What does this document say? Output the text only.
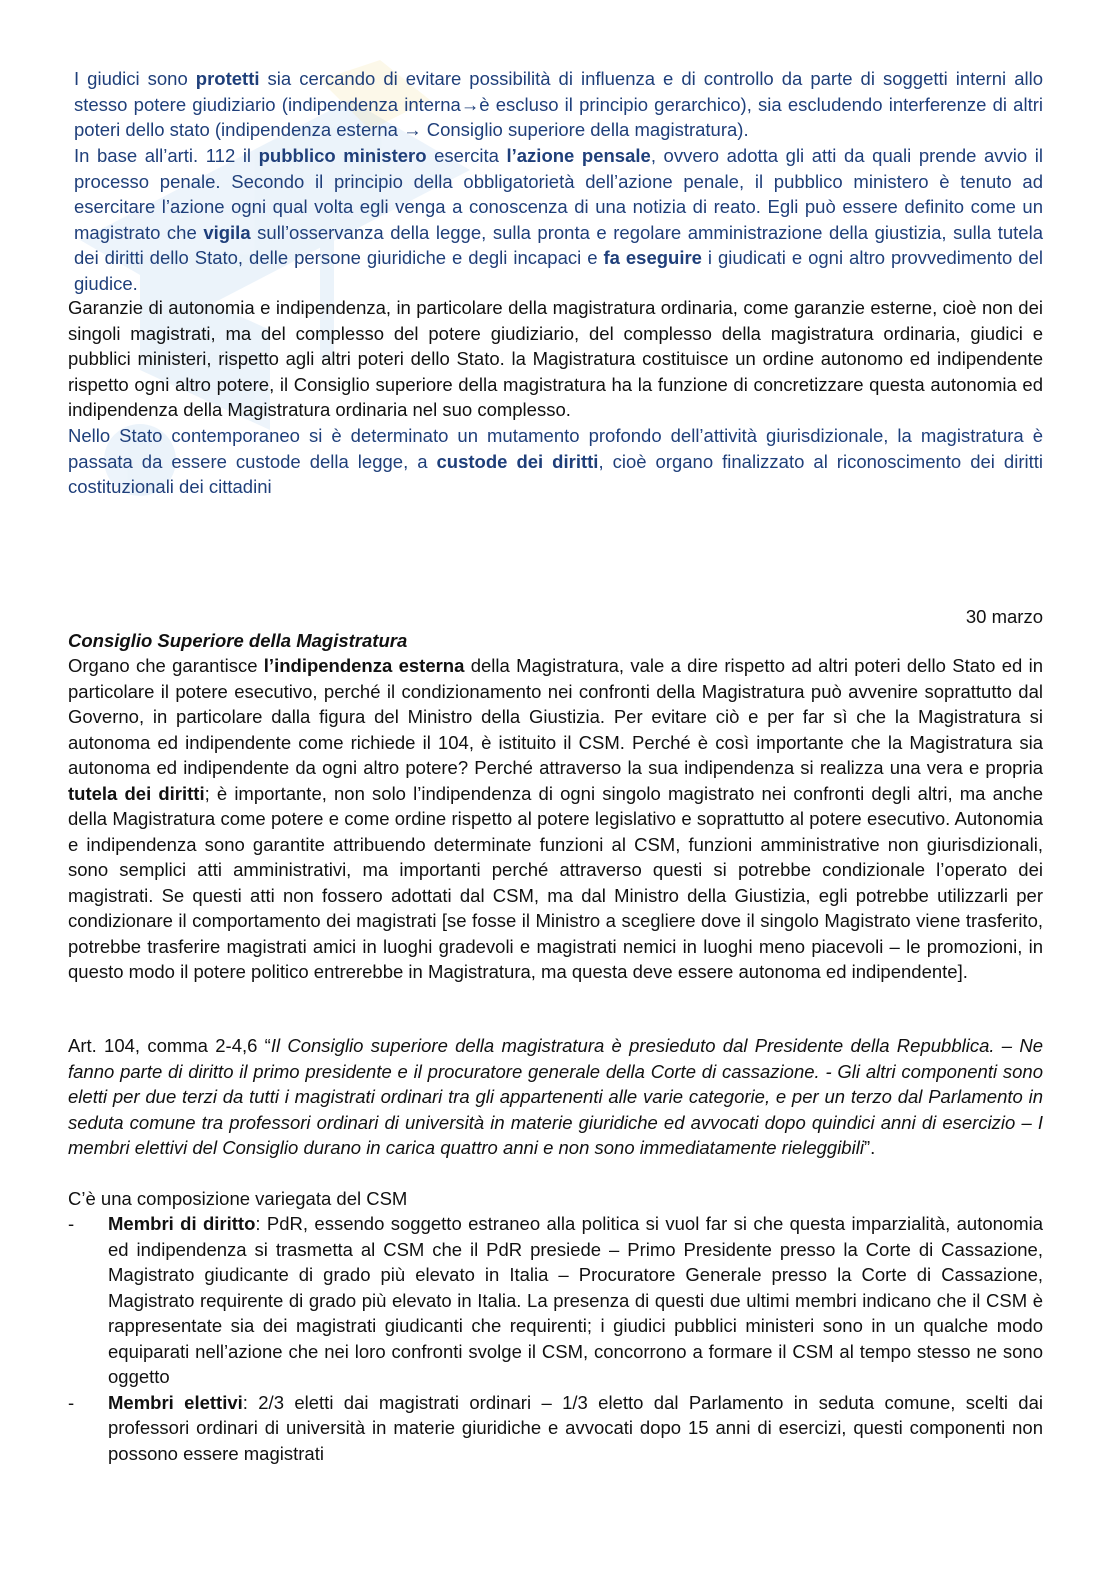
I giudici sono protetti sia cercando di evitare possibilità di influenza e di controllo da parte di soggetti interni allo stesso potere giudiziario (indipendenza interna→è escluso il principio gerarchico), sia escludendo interferenze di altri poteri dello stato (indipendenza esterna → Consiglio superiore della magistratura).

In base all’arti. 112 il pubblico ministero esercita l’azione pensale, ovvero adotta gli atti da quali prende avvio il processo penale. Secondo il principio della obbligatorietà dell’azione penale, il pubblico ministero è tenuto ad esercitare l’azione ogni qual volta egli venga a conoscenza di una notizia di reato. Egli può essere definito come un magistrato che vigila sull’osservanza della legge, sulla pronta e regolare amministrazione della giustizia, sulla tutela dei diritti dello Stato, delle persone giuridiche e degli incapaci e fa eseguire i giudicati e ogni altro provvedimento del giudice.

Garanzie di autonomia e indipendenza, in particolare della magistratura ordinaria, come garanzie esterne, cioè non dei singoli magistrati, ma del complesso del potere giudiziario, del complesso della magistratura ordinaria, giudici e pubblici ministeri, rispetto agli altri poteri dello Stato. la Magistratura costituisce un ordine autonomo ed indipendente rispetto ogni altro potere, il Consiglio superiore della magistratura ha la funzione di concretizzare questa autonomia ed indipendenza della Magistratura ordinaria nel suo complesso.

Nello Stato contemporaneo si è determinato un mutamento profondo dell’attività giurisdizionale, la magistratura è passata da essere custode della legge, a custode dei diritti, cioè organo finalizzato al riconoscimento dei diritti costituzionali dei cittadini

30 marzo

Consiglio Superiore della Magistratura

Organo che garantisce l’indipendenza esterna della Magistratura, vale a dire rispetto ad altri poteri dello Stato ed in particolare il potere esecutivo, perché il condizionamento nei confronti della Magistratura può avvenire soprattutto dal Governo, in particolare dalla figura del Ministro della Giustizia. Per evitare ciò e per far sì che la Magistratura si autonoma ed indipendente come richiede il 104, è istituito il CSM. Perché è così importante che la Magistratura sia autonoma ed indipendente da ogni altro potere? Perché attraverso la sua indipendenza si realizza una vera e propria tutela dei diritti; è importante, non solo l’indipendenza di ogni singolo magistrato nei confronti degli altri, ma anche della Magistratura come potere e come ordine rispetto al potere legislativo e soprattutto al potere esecutivo. Autonomia e indipendenza sono garantite attribuendo determinate funzioni al CSM, funzioni amministrative non giurisdizionali, sono semplici atti amministrativi, ma importanti perché attraverso questi si potrebbe condizionale l’operato dei magistrati. Se questi atti non fossero adottati dal CSM, ma dal Ministro della Giustizia, egli potrebbe utilizzarli per condizionare il comportamento dei magistrati [se fosse il Ministro a scegliere dove il singolo Magistrato viene trasferito, potrebbe trasferire magistrati amici in luoghi gradevoli e magistrati nemici in luoghi meno piacevoli – le promozioni, in questo modo il potere politico entrerebbe in Magistratura, ma questa deve essere autonoma ed indipendente].

Art. 104, comma 2-4,6 “Il Consiglio superiore della magistratura è presieduto dal Presidente della Repubblica. – Ne fanno parte di diritto il primo presidente e il procuratore generale della Corte di cassazione. - Gli altri componenti sono eletti per due terzi da tutti i magistrati ordinari tra gli appartenenti alle varie categorie, e per un terzo dal Parlamento in seduta comune tra professori ordinari di università in materie giuridiche ed avvocati dopo quindici anni di esercizio – I membri elettivi del Consiglio durano in carica quattro anni e non sono immediatamente rieleggibili”.

C’è una composizione variegata del CSM

- Membri di diritto: PdR, essendo soggetto estraneo alla politica si vuol far si che questa imparzialità, autonomia ed indipendenza si trasmetta al CSM che il PdR presiede – Primo Presidente presso la Corte di Cassazione, Magistrato giudicante di grado più elevato in Italia – Procuratore Generale presso la Corte di Cassazione, Magistrato requirente di grado più elevato in Italia. La presenza di questi due ultimi membri indicano che il CSM è rappresentate sia dei magistrati giudicanti che requirenti; i giudici pubblici ministeri sono in un qualche modo equiparati nell’azione che nei loro confronti svolge il CSM, concorrono a formare il CSM al tempo stesso ne sono oggetto
- Membri elettivi: 2/3 eletti dai magistrati ordinari – 1/3 eletto dal Parlamento in seduta comune, scelti dai professori ordinari di università in materie giuridiche e avvocati dopo 15 anni di esercizi, questi componenti non possono essere magistrati
